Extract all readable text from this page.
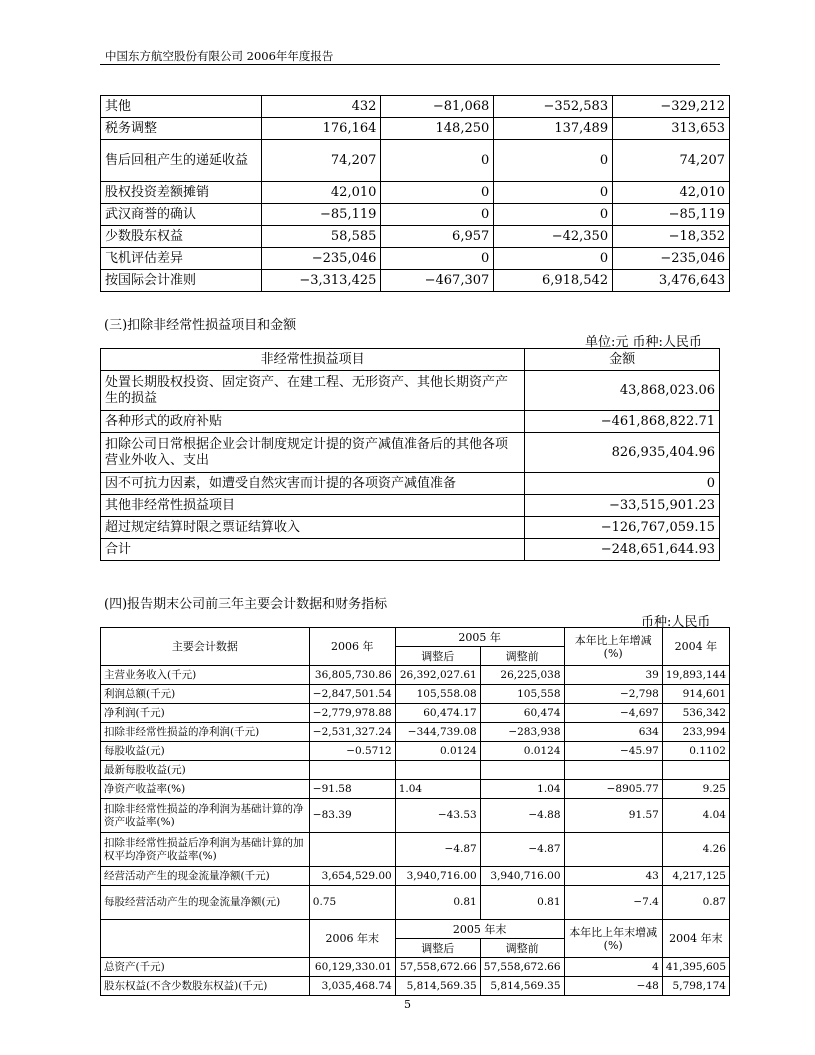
中国东方航空股份有限公司 2006年年度报告
其他	432	−81,068	−352,583	−329,212
税务调整	176,164	148,250	137,489	313,653
售后回租产生的递延收益	74,207	0	0	74,207
股权投资差额摊销	42,010	0	0	42,010
武汉商誉的确认	−85,119	0	0	−85,119
少数股东权益	58,585	6,957	−42,350	−18,352
飞机评估差异	−235,046	0	0	−235,046
按国际会计准则	−3,313,425	−467,307	6,918,542	3,476,643
(三)扣除非经常性损益项目和金额
单位:元 币种:人民币
非经常性损益项目	金额
处置长期股权投资、固定资产、在建工程、无形资产、其他长期资产产生的损益	43,868,023.06
各种形式的政府补贴	−461,868,822.71
扣除公司日常根据企业会计制度规定计提的资产减值准备后的其他各项营业外收入、支出	826,935,404.96
因不可抗力因素，如遭受自然灾害而计提的各项资产减值准备	0
其他非经常性损益项目	−33,515,901.23
超过规定结算时限之票证结算收入	−126,767,059.15
合计	−248,651,644.93
(四)报告期末公司前三年主要会计数据和财务指标
币种:人民币
主要会计数据	2006 年	2005 年		本年比上年增减(%)	2004 年
		调整后	调整前		
主营业务收入(千元)	36,805,730.86	26,392,027.61	26,225,038	39	19,893,144
利润总额(千元)	−2,847,501.54	105,558.08	105,558	−2,798	914,601
净利润(千元)	−2,779,978.88	60,474.17	60,474	−4,697	536,342
扣除非经常性损益的净利润(千元)	−2,531,327.24	−344,739.08	−283,938	634	233,994
每股收益(元)	−0.5712	0.0124	0.0124	−45.97	0.1102
最新每股收益(元)					
净资产收益率(%)	−91.58	1.04	1.04	−8905.77	9.25
扣除非经常性损益的净利润为基础计算的净资产收益率(%)	−83.39	−43.53	−4.88	91.57	4.04
扣除非经常性损益后净利润为基础计算的加权平均净资产收益率(%)		−4.87	−4.87		4.26
经营活动产生的现金流量净额(千元)	3,654,529.00	3,940,716.00	3,940,716.00	43	4,217,125
每股经营活动产生的现金流量净额(元)	0.75	0.81	0.81	−7.4	0.87
	2006 年末	2005 年末		本年比上年末增减(%)	2004 年末
		调整后	调整前		
总资产(千元)	60,129,330.01	57,558,672.66	57,558,672.66	4	41,395,605
股东权益(不含少数股东权益)(千元)	3,035,468.74	5,814,569.35	5,814,569.35	−48	5,798,174
5
